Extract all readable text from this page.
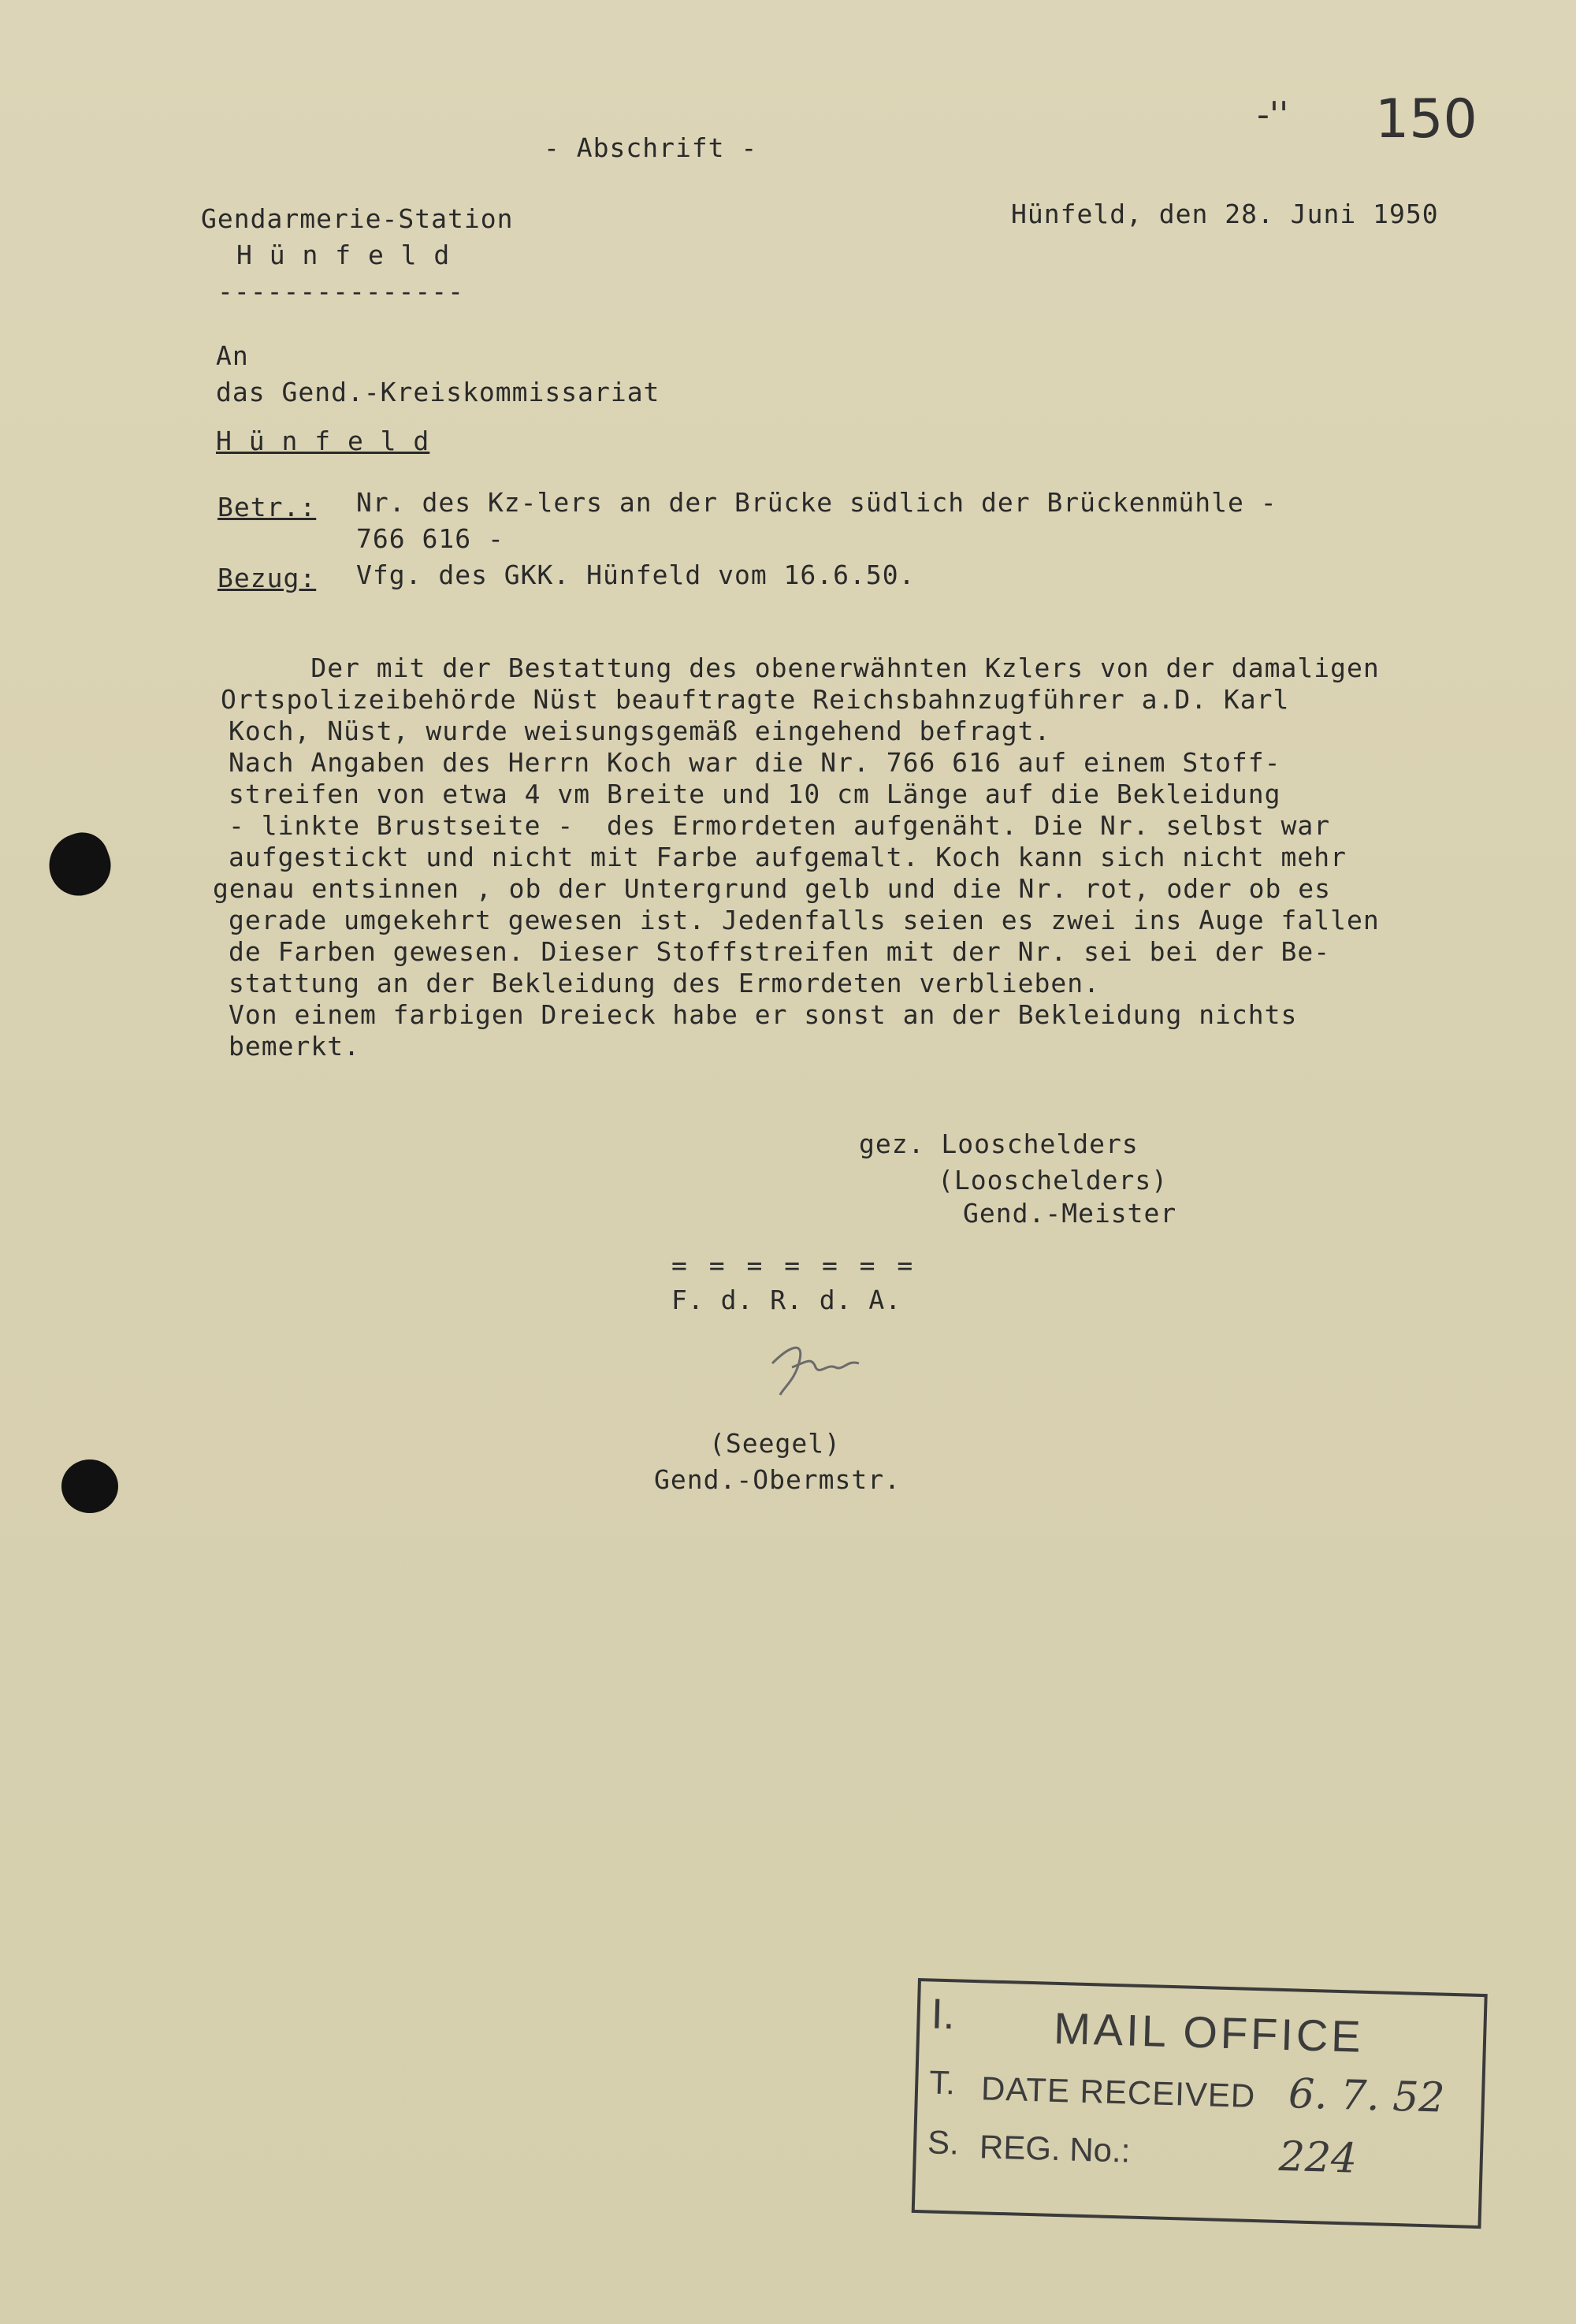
- Abschrift -
-'' 150
Gendarmerie-Station
H ü n f e l d
---------------
Hünfeld, den 28. Juni 1950
An
das Gend.-Kreiskommissariat
H ü n f e l d
Betr.: Nr. des Kz-lers an der Brücke südlich der Brückenmühle -
766 616 -
Bezug: Vfg. des GKK. Hünfeld vom 16.6.50.
Der mit der Bestattung des obenerwähnten Kzlers von der damaligen
Ortspolizeibehörde Nüst beauftragte Reichsbahnzugführer a.D. Karl
Koch, Nüst, wurde weisungsgemäß eingehend befragt.
Nach Angaben des Herrn Koch war die Nr. 766 616 auf einem Stoff-
streifen von etwa 4 vm Breite und 10 cm Länge auf die Bekleidung
- linkte Brustseite -  des Ermordeten aufgenäht. Die Nr. selbst war
aufgestickt und nicht mit Farbe aufgemalt. Koch kann sich nicht mehr
genau entsinnen , ob der Untergrund gelb und die Nr. rot, oder ob es
gerade umgekehrt gewesen ist. Jedenfalls seien es zwei ins Auge fallen
de Farben gewesen. Dieser Stoffstreifen mit der Nr. sei bei der Be-
stattung an der Bekleidung des Ermordeten verblieben.
Von einem farbigen Dreieck habe er sonst an der Bekleidung nichts
bemerkt.
gez. Looschelders
(Looschelders)
Gend.-Meister
= = = = = = =
F. d. R. d. A.
(Seegel)
Gend.-Obermstr.
I. MAIL OFFICE
T. DATE RECEIVED 6. 7. 52
S. REG. No.:	224
